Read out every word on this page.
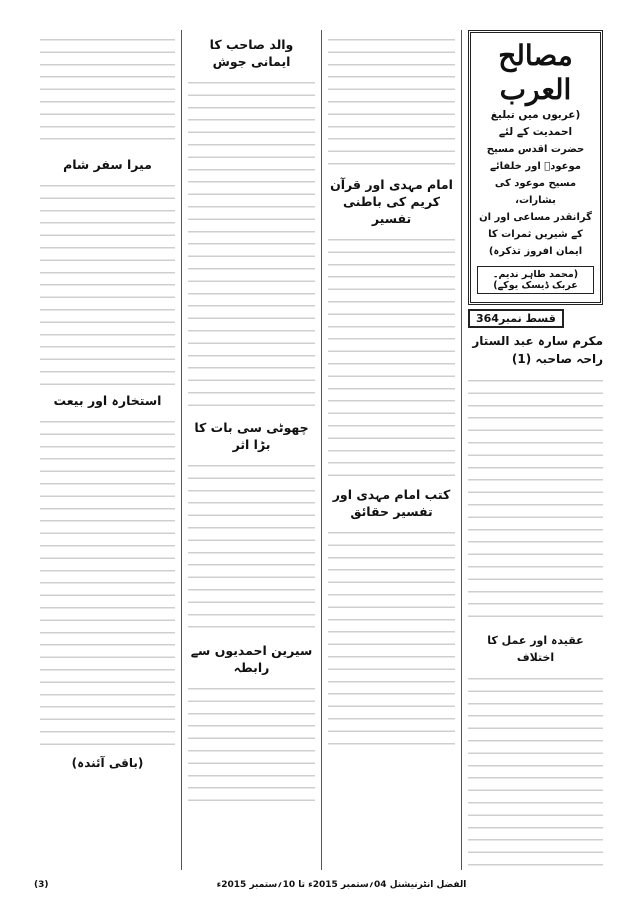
مصالح العرب
(عربوں میں تبلیغ احمدیت کے لئے
حضرت اقدس مسیح موعودؑ اور خلفائے مسیح موعود کی بشارات،
گرانقدر مساعی اور ان کے شیریں ثمرات کا ایمان افروز تذکرہ)
(محمد طاہر ندیم۔عربک ڈیسک یوکے)
قسط نمبر364
مکرم سارہ عبد الستار راحہ صاحبہ (1)
عقیدہ اور عمل کا اختلاف
امام مہدی اور قرآن کریم کی باطنی تفسیر
کتب امام مہدی اور تفسیر حقائق
والد صاحب کا ایمانی جوش
چھوٹی سی بات کا بڑا اثر
سیرین احمدیوں سے رابطہ
میرا سفر شام
استخارہ اور بیعت
(باقی آئندہ)
الفضل انٹرنیشنل 04؍ستمبر 2015ء تا 10؍ستمبر 2015ء
(3)
